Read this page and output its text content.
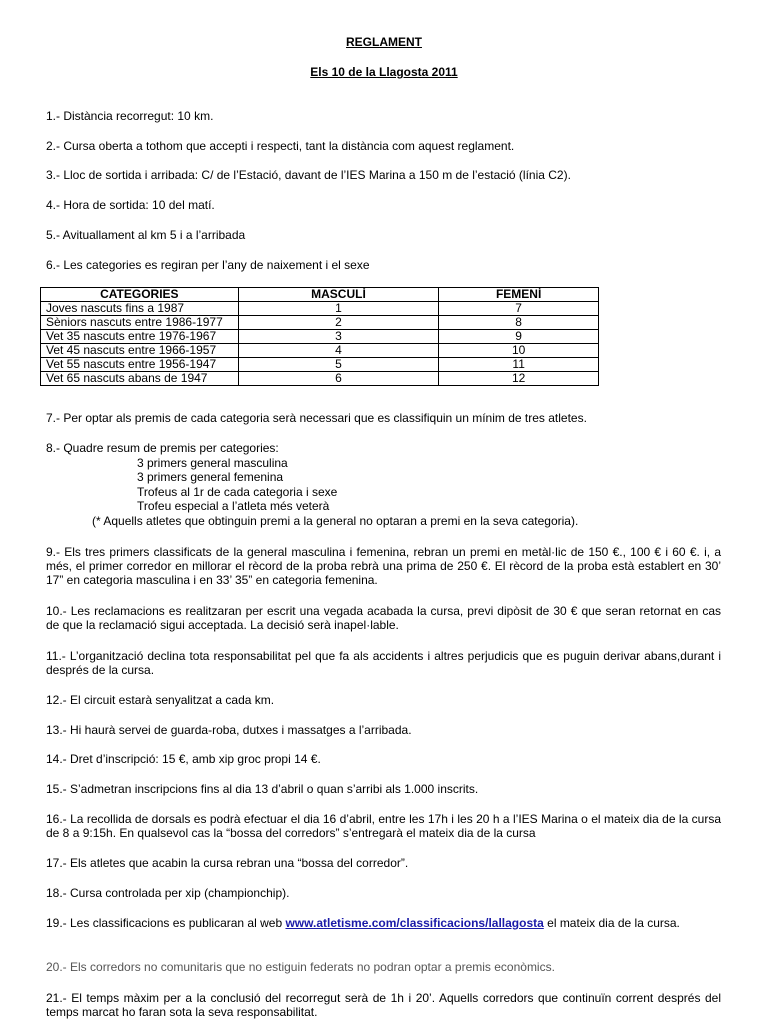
REGLAMENT
Els 10 de la Llagosta 2011
1.- Distància recorregut: 10 km.
2.- Cursa oberta a tothom que accepti i respecti, tant la distància com aquest reglament.
3.- Lloc de sortida i arribada: C/ de l’Estació, davant de l’IES Marina a 150 m de l’estació (línia C2).
4.- Hora de sortida: 10 del matí.
5.- Avituallament al km 5 i a l’arribada
6.- Les categories es regiran per l’any de naixement i el sexe
CATEGORIES	MASCULÍ	FEMENÍ
Joves nascuts fins a 1987	1	7
Sèniors nascuts entre 1986-1977	2	8
Vet 35 nascuts entre 1976-1967	3	9
Vet 45 nascuts entre 1966-1957	4	10
Vet 55 nascuts entre 1956-1947	5	11
Vet 65 nascuts abans de 1947	6	12
7.- Per optar als premis de cada categoria serà necessari que es classifiquin un mínim de tres atletes.
8.- Quadre resum de premis per categories:
3 primers general masculina
3 primers general femenina
Trofeus al 1r de cada categoria i sexe
Trofeu especial a l’atleta més veterà
(* Aquells atletes que obtinguin premi a la general no optaran a premi en la seva categoria).
9.- Els tres primers classificats de la general masculina i femenina, rebran un premi en metàl·lic de 150 €., 100 € i 60 €. i, a més, el primer corredor en millorar el rècord de la proba rebrà una prima de 250 €. El rècord de la proba està establert en 30’ 17” en categoria masculina i en 33’ 35” en categoria femenina.
10.- Les reclamacions es realitzaran per escrit una vegada acabada la cursa, previ dipòsit de 30 € que seran retornat en cas de que la reclamació sigui acceptada. La decisió serà inapel·lable.
11.- L’organització declina tota responsabilitat pel que fa als accidents i altres perjudicis que es puguin derivar abans,durant i després de la cursa.
12.- El circuit estarà senyalitzat a cada km.
13.- Hi haurà servei de guarda-roba, dutxes i massatges a l’arribada.
14.- Dret d’inscripció: 15 €, amb xip groc propi 14 €.
15.- S’admetran inscripcions fins al dia 13 d’abril o quan s’arribi als 1.000 inscrits.
16.- La recollida de dorsals es podrà efectuar el dia 16 d’abril, entre les 17h i les 20 h a l’IES Marina o el mateix dia de la cursa de 8 a 9:15h. En qualsevol cas la “bossa del corredors” s’entregarà el mateix dia de la cursa
17.- Els atletes que acabin la cursa rebran una “bossa del corredor”.
18.- Cursa controlada per xip (championchip).
19.- Les classificacions es publicaran al web www.atletisme.com/classificacions/lallagosta el mateix dia de la cursa.
20.- Els corredors no comunitaris que no estiguin federats no podran optar a premis econòmics.
21.- El temps màxim per a la conclusió del recorregut serà de 1h i 20’. Aquells corredors que continuïn corrent després del temps marcat ho faran sota la seva responsabilitat.
